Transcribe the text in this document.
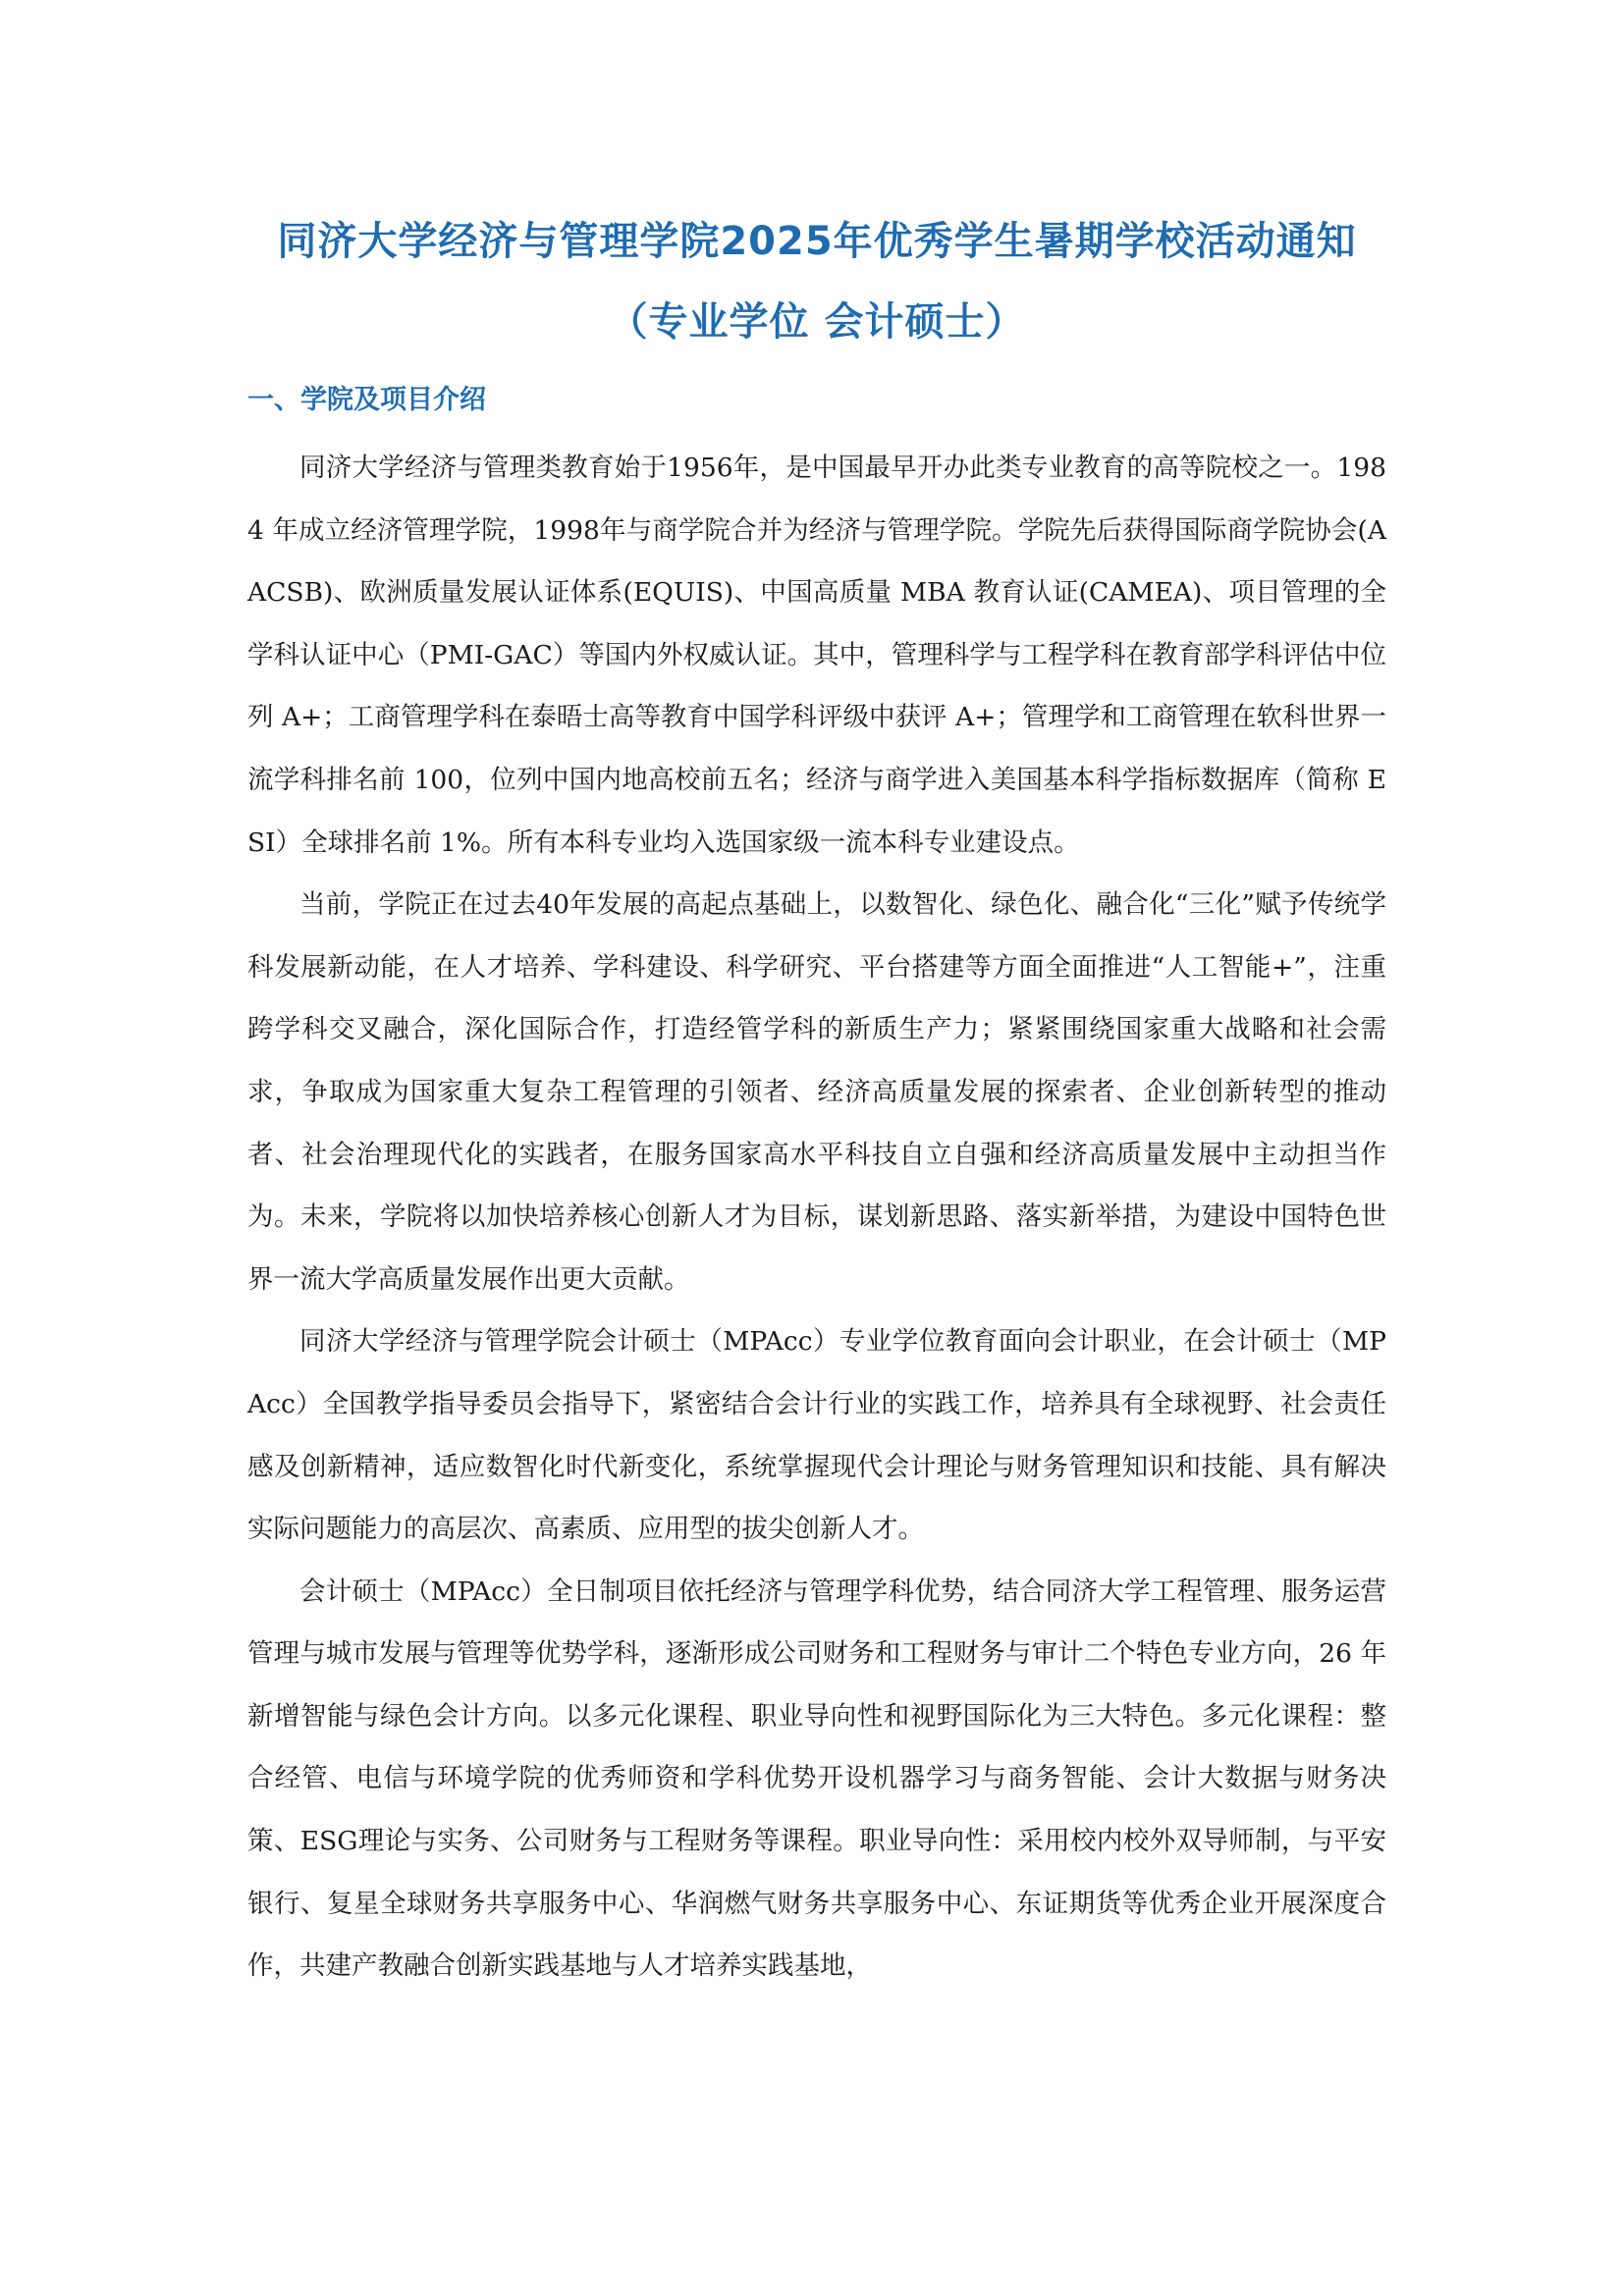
同济大学经济与管理学院2025年优秀学生暑期学校活动通知
（专业学位 会计硕士）
一、学院及项目介绍

同济大学经济与管理类教育始于1956年，是中国最早开办此类专业教育的高等院校之一。1984 年成立经济管理学院，1998年与商学院合并为经济与管理学院。学院先后获得国际商学院协会(AACSB)、欧洲质量发展认证体系(EQUIS)、中国高质量 MBA 教育认证(CAMEA)、项目管理的全学科认证中心（PMI-GAC）等国内外权威认证。其中，管理科学与工程学科在教育部学科评估中位列 A+；工商管理学科在泰晤士高等教育中国学科评级中获评 A+；管理学和工商管理在软科世界一流学科排名前 100，位列中国内地高校前五名；经济与商学进入美国基本科学指标数据库（简称 ESI）全球排名前 1%。所有本科专业均入选国家级一流本科专业建设点。

当前，学院正在过去40年发展的高起点基础上，以数智化、绿色化、融合化“三化”赋予传统学科发展新动能，在人才培养、学科建设、科学研究、平台搭建等方面全面推进“人工智能+”，注重跨学科交叉融合，深化国际合作，打造经管学科的新质生产力；紧紧围绕国家重大战略和社会需求，争取成为国家重大复杂工程管理的引领者、经济高质量发展的探索者、企业创新转型的推动者、社会治理现代化的实践者，在服务国家高水平科技自立自强和经济高质量发展中主动担当作为。未来，学院将以加快培养核心创新人才为目标，谋划新思路、落实新举措，为建设中国特色世界一流大学高质量发展作出更大贡献。

同济大学经济与管理学院会计硕士（MPAcc）专业学位教育面向会计职业，在会计硕士（MPAcc）全国教学指导委员会指导下，紧密结合会计行业的实践工作，培养具有全球视野、社会责任感及创新精神，适应数智化时代新变化，系统掌握现代会计理论与财务管理知识和技能、具有解决实际问题能力的高层次、高素质、应用型的拔尖创新人才。

会计硕士（MPAcc）全日制项目依托经济与管理学科优势，结合同济大学工程管理、服务运营管理与城市发展与管理等优势学科，逐渐形成公司财务和工程财务与审计二个特色专业方向，26 年新增智能与绿色会计方向。以多元化课程、职业导向性和视野国际化为三大特色。多元化课程：整合经管、电信与环境学院的优秀师资和学科优势开设机器学习与商务智能、会计大数据与财务决策、ESG理论与实务、公司财务与工程财务等课程。职业导向性：采用校内校外双导师制，与平安银行、复星全球财务共享服务中心、华润燃气财务共享服务中心、东证期货等优秀企业开展深度合作，共建产教融合创新实践基地与人才培养实践基地，
